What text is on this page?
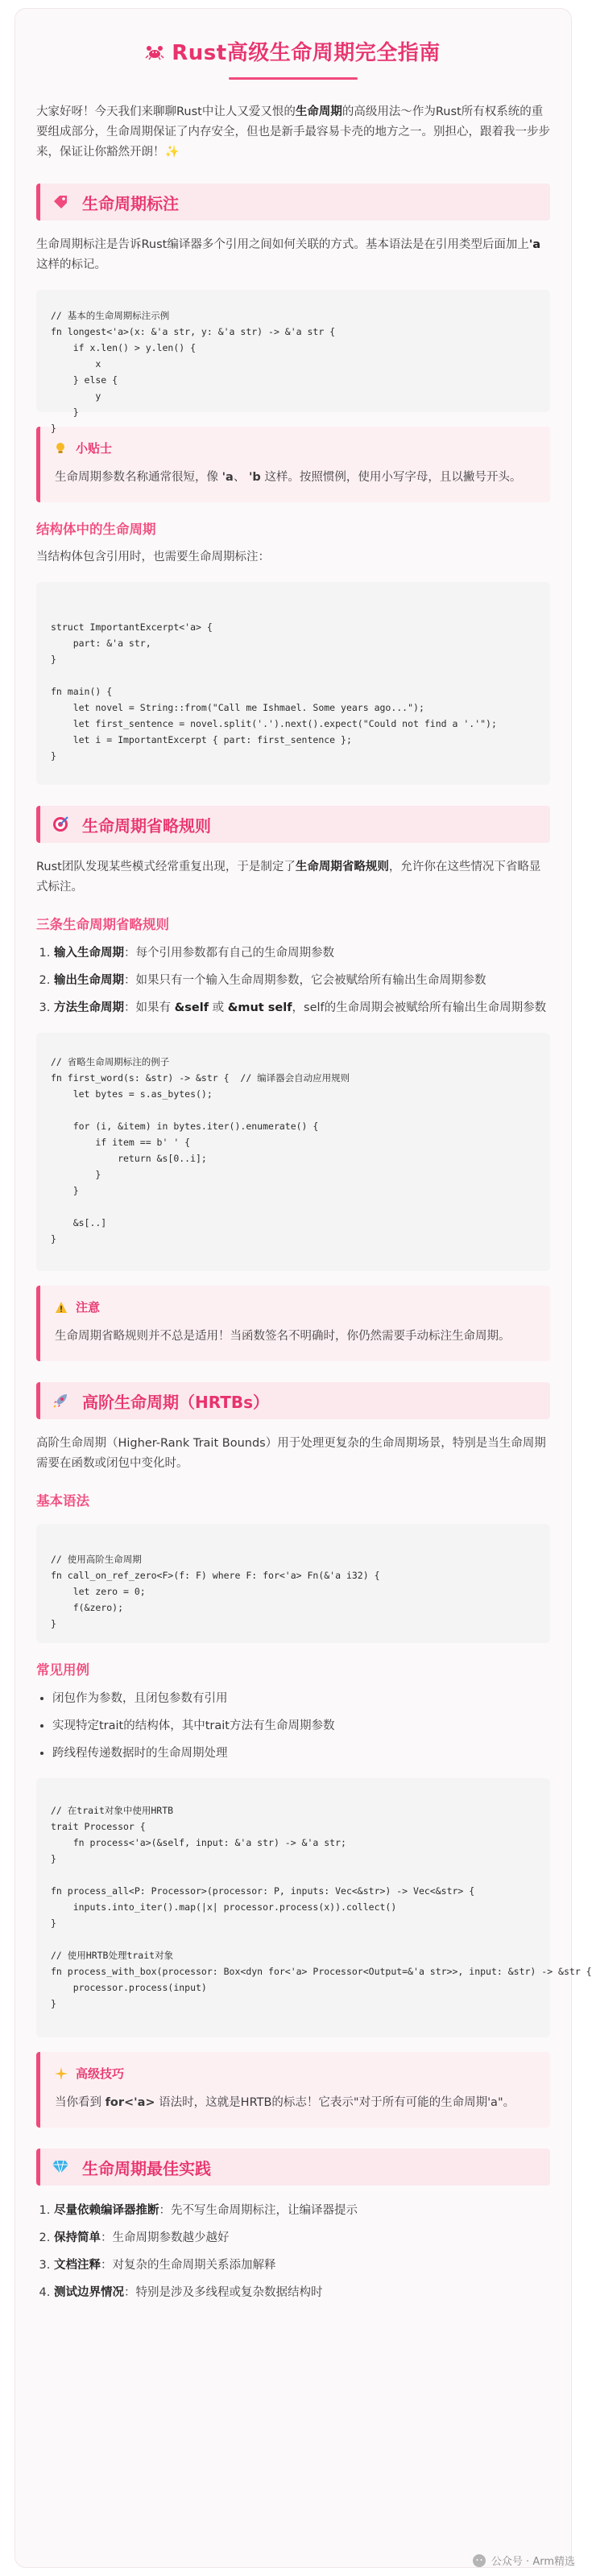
Rust高级生命周期完全指南

大家好呀！今天我们来聊聊Rust中让人又爱又恨的生命周期的高级用法～作为Rust所有权系统的重要组成部分，生命周期保证了内存安全，但也是新手最容易卡壳的地方之一。别担心，跟着我一步步来，保证让你豁然开朗！✨

生命周期标注

生命周期标注是告诉Rust编译器多个引用之间如何关联的方式。基本语法是在引用类型后面加上'a这样的标记。

// 基本的生命周期标注示例
fn longest<'a>(x: &'a str, y: &'a str) -> &'a str {
if x.len() > y.len() {
x
} else {
y
}
}
小贴士
生命周期参数名称通常很短，像 'a、 'b 这样。按照惯例，使用小写字母，且以撇号开头。
结构体中的生命周期

当结构体包含引用时，也需要生命周期标注：

struct ImportantExcerpt<'a> {
part: &'a str,
}

fn main() {
let novel = String::from("Call me Ishmael. Some years ago...");
let first_sentence = novel.split('.').next().expect("Could not find a '.'");
let i = ImportantExcerpt { part: first_sentence };
}
生命周期省略规则

Rust团队发现某些模式经常重复出现，于是制定了生命周期省略规则，允许你在这些情况下省略显式标注。

三条生命周期省略规则
1. 输入生命周期：每个引用参数都有自己的生命周期参数
2. 输出生命周期：如果只有一个输入生命周期参数，它会被赋给所有输出生命周期参数
3. 方法生命周期：如果有 &self 或 &mut self，self的生命周期会被赋给所有输出生命周期参数
// 省略生命周期标注的例子
fn first_word(s: &str) -> &str {  // 编译器会自动应用规则
let bytes = s.as_bytes();

for (i, &item) in bytes.iter().enumerate() {
if item == b' ' {
return &s[0..i];
}
}

&s[..]
}
注意
生命周期省略规则并不总是适用！当函数签名不明确时，你仍然需要手动标注生命周期。
高阶生命周期（HRTBs）

高阶生命周期（Higher-Rank Trait Bounds）用于处理更复杂的生命周期场景，特别是当生命周期需要在函数或闭包中变化时。

基本语法
// 使用高阶生命周期
fn call_on_ref_zero<F>(f: F) where F: for<'a> Fn(&'a i32) {
let zero = 0;
f(&zero);
}
常见用例
• 闭包作为参数，且闭包参数有引用
• 实现特定trait的结构体，其中trait方法有生命周期参数
• 跨线程传递数据时的生命周期处理
// 在trait对象中使用HRTB
trait Processor {
fn process<'a>(&self, input: &'a str) -> &'a str;
}

fn process_all<P: Processor>(processor: P, inputs: Vec<&str>) -> Vec<&str> {
inputs.into_iter().map(|x| processor.process(x)).collect()
}

// 使用HRTB处理trait对象
fn process_with_box(processor: Box<dyn for<'a> Processor<Output=&'a str>>, input: &str) -> &str {
processor.process(input)
}
高级技巧
当你看到 for<'a> 语法时，这就是HRTB的标志！它表示"对于所有可能的生命周期'a"。
生命周期最佳实践
1. 尽量依赖编译器推断：先不写生命周期标注，让编译器提示
2. 保持简单：生命周期参数越少越好
3. 文档注释：对复杂的生命周期关系添加解释
4. 测试边界情况：特别是涉及多线程或复杂数据结构时
公众号 · Arm精选
